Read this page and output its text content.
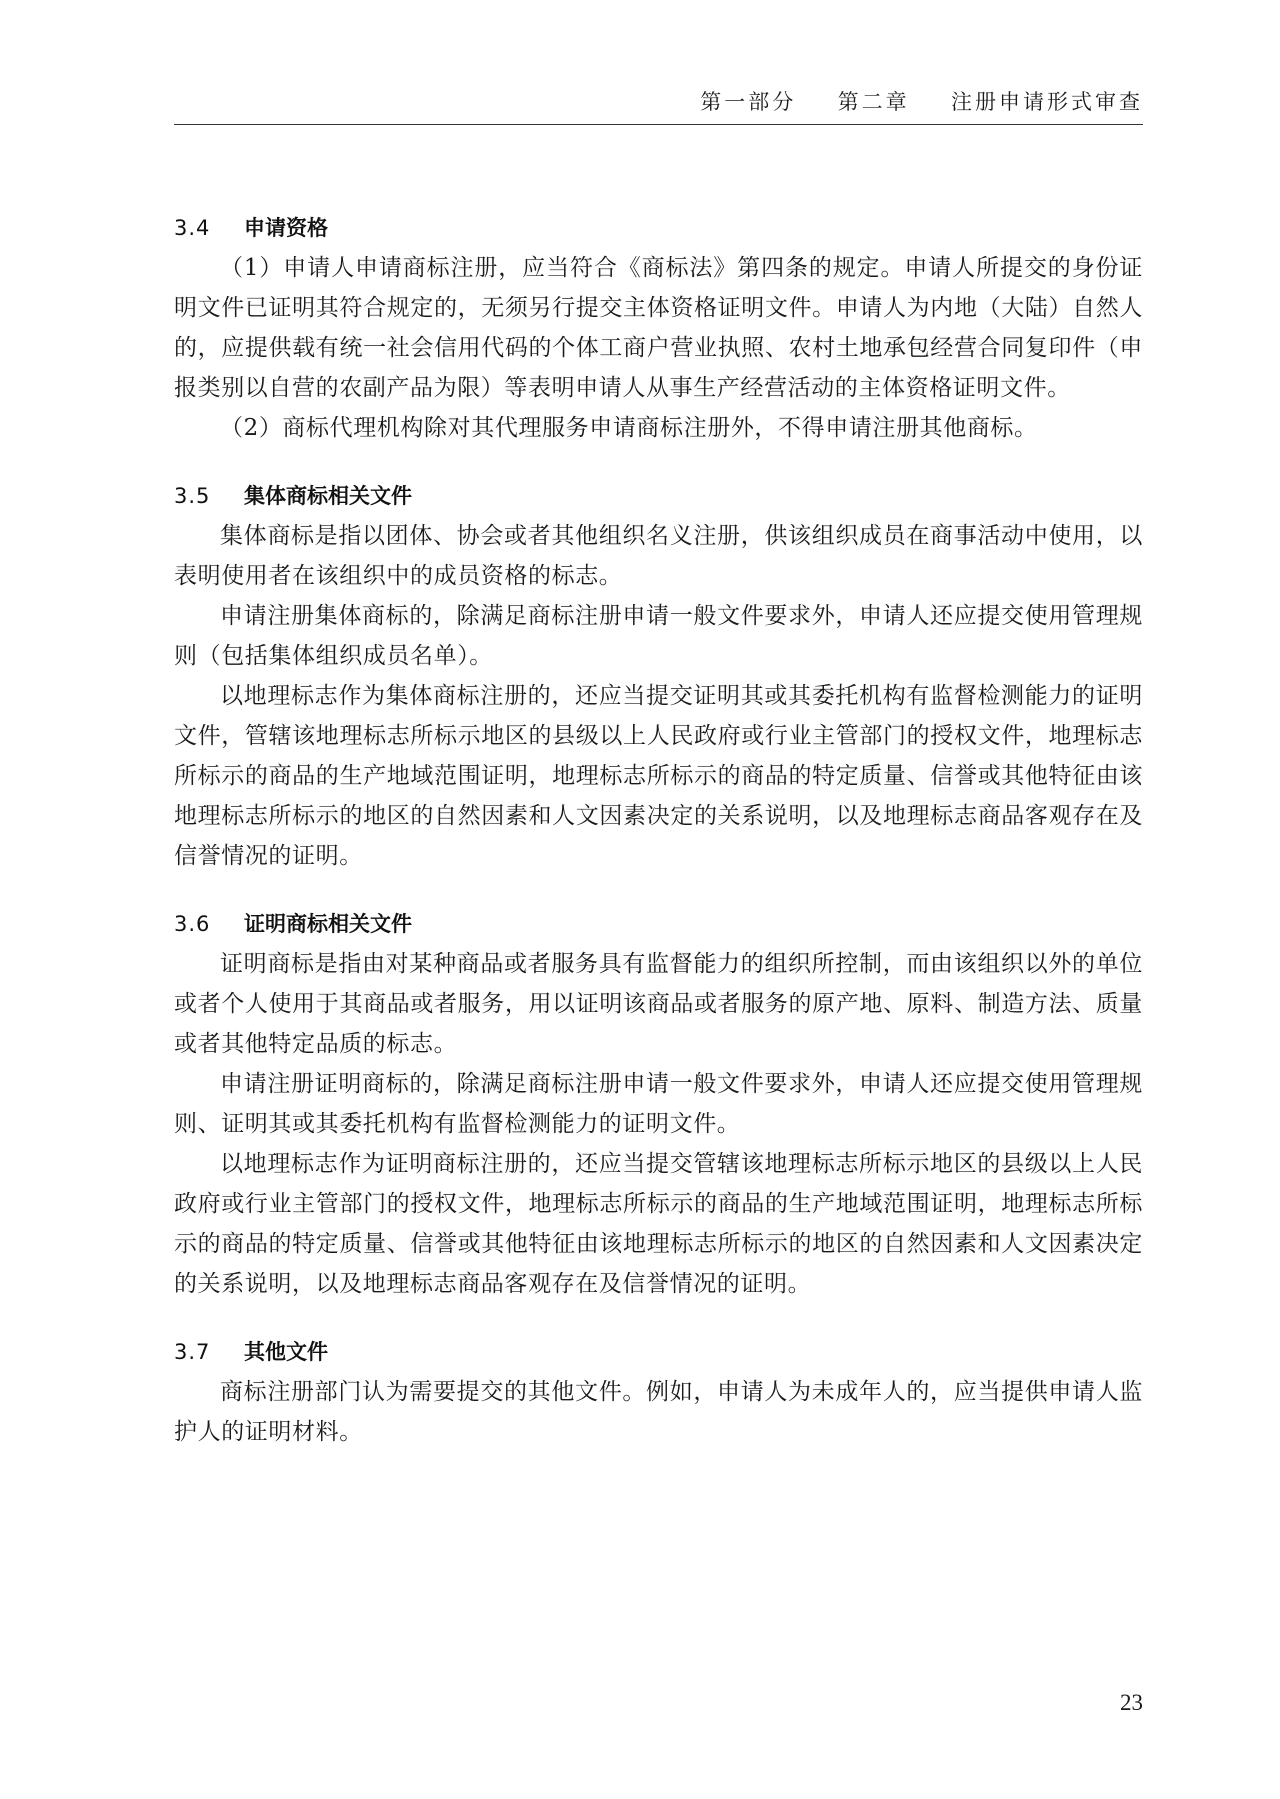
第一部分 第二章 注册申请形式审查
3.4 申请资格

（1）申请人申请商标注册，应当符合《商标法》第四条的规定。申请人所提交的身份证明文件已证明其符合规定的，无须另行提交主体资格证明文件。申请人为内地（大陆）自然人的，应提供载有统一社会信用代码的个体工商户营业执照、农村土地承包经营合同复印件（申报类别以自营的农副产品为限）等表明申请人从事生产经营活动的主体资格证明文件。

（2）商标代理机构除对其代理服务申请商标注册外，不得申请注册其他商标。

3.5 集体商标相关文件

集体商标是指以团体、协会或者其他组织名义注册，供该组织成员在商事活动中使用，以表明使用者在该组织中的成员资格的标志。

申请注册集体商标的，除满足商标注册申请一般文件要求外，申请人还应提交使用管理规则（包括集体组织成员名单）。

以地理标志作为集体商标注册的，还应当提交证明其或其委托机构有监督检测能力的证明文件，管辖该地理标志所标示地区的县级以上人民政府或行业主管部门的授权文件，地理标志所标示的商品的生产地域范围证明，地理标志所标示的商品的特定质量、信誉或其他特征由该地理标志所标示的地区的自然因素和人文因素决定的关系说明，以及地理标志商品客观存在及信誉情况的证明。

3.6 证明商标相关文件

证明商标是指由对某种商品或者服务具有监督能力的组织所控制，而由该组织以外的单位或者个人使用于其商品或者服务，用以证明该商品或者服务的原产地、原料、制造方法、质量或者其他特定品质的标志。

申请注册证明商标的，除满足商标注册申请一般文件要求外，申请人还应提交使用管理规则、证明其或其委托机构有监督检测能力的证明文件。

以地理标志作为证明商标注册的，还应当提交管辖该地理标志所标示地区的县级以上人民政府或行业主管部门的授权文件，地理标志所标示的商品的生产地域范围证明，地理标志所标示的商品的特定质量、信誉或其他特征由该地理标志所标示的地区的自然因素和人文因素决定的关系说明，以及地理标志商品客观存在及信誉情况的证明。

3.7 其他文件

商标注册部门认为需要提交的其他文件。例如，申请人为未成年人的，应当提供申请人监护人的证明材料。

23
